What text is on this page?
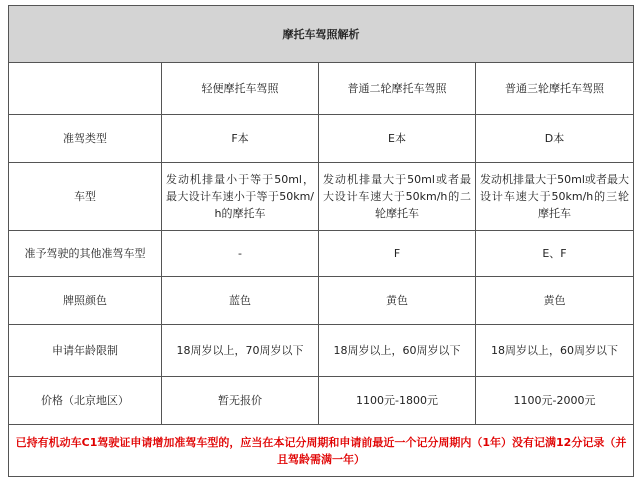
摩托车驾照解析			
	轻便摩托车驾照	普通二轮摩托车驾照	普通三轮摩托车驾照
准驾类型	F本	E本	D本
车型	发动机排量小于等于50ml，最大设计车速小于等于50km/h的摩托车	发动机排量大于50ml或者最大设计车速大于50km/h的二轮摩托车	发动机排量大于50ml或者最大设计车速大于50km/h的三轮摩托车

准予驾驶的其他准驾车型	-	F	E、F
牌照颜色	蓝色	黄色	黄色
申请年龄限制	18周岁以上，70周岁以下	18周岁以上，60周岁以下	18周岁以上，60周岁以下
价格（北京地区）	暂无报价	1100元-1800元	1100元-2000元
已持有机动车C1驾驶证申请增加准驾车型的，应当在本记分周期和申请前最近一个记分周期内（1年）没有记满12分记录（并且驾龄需满一年）			
